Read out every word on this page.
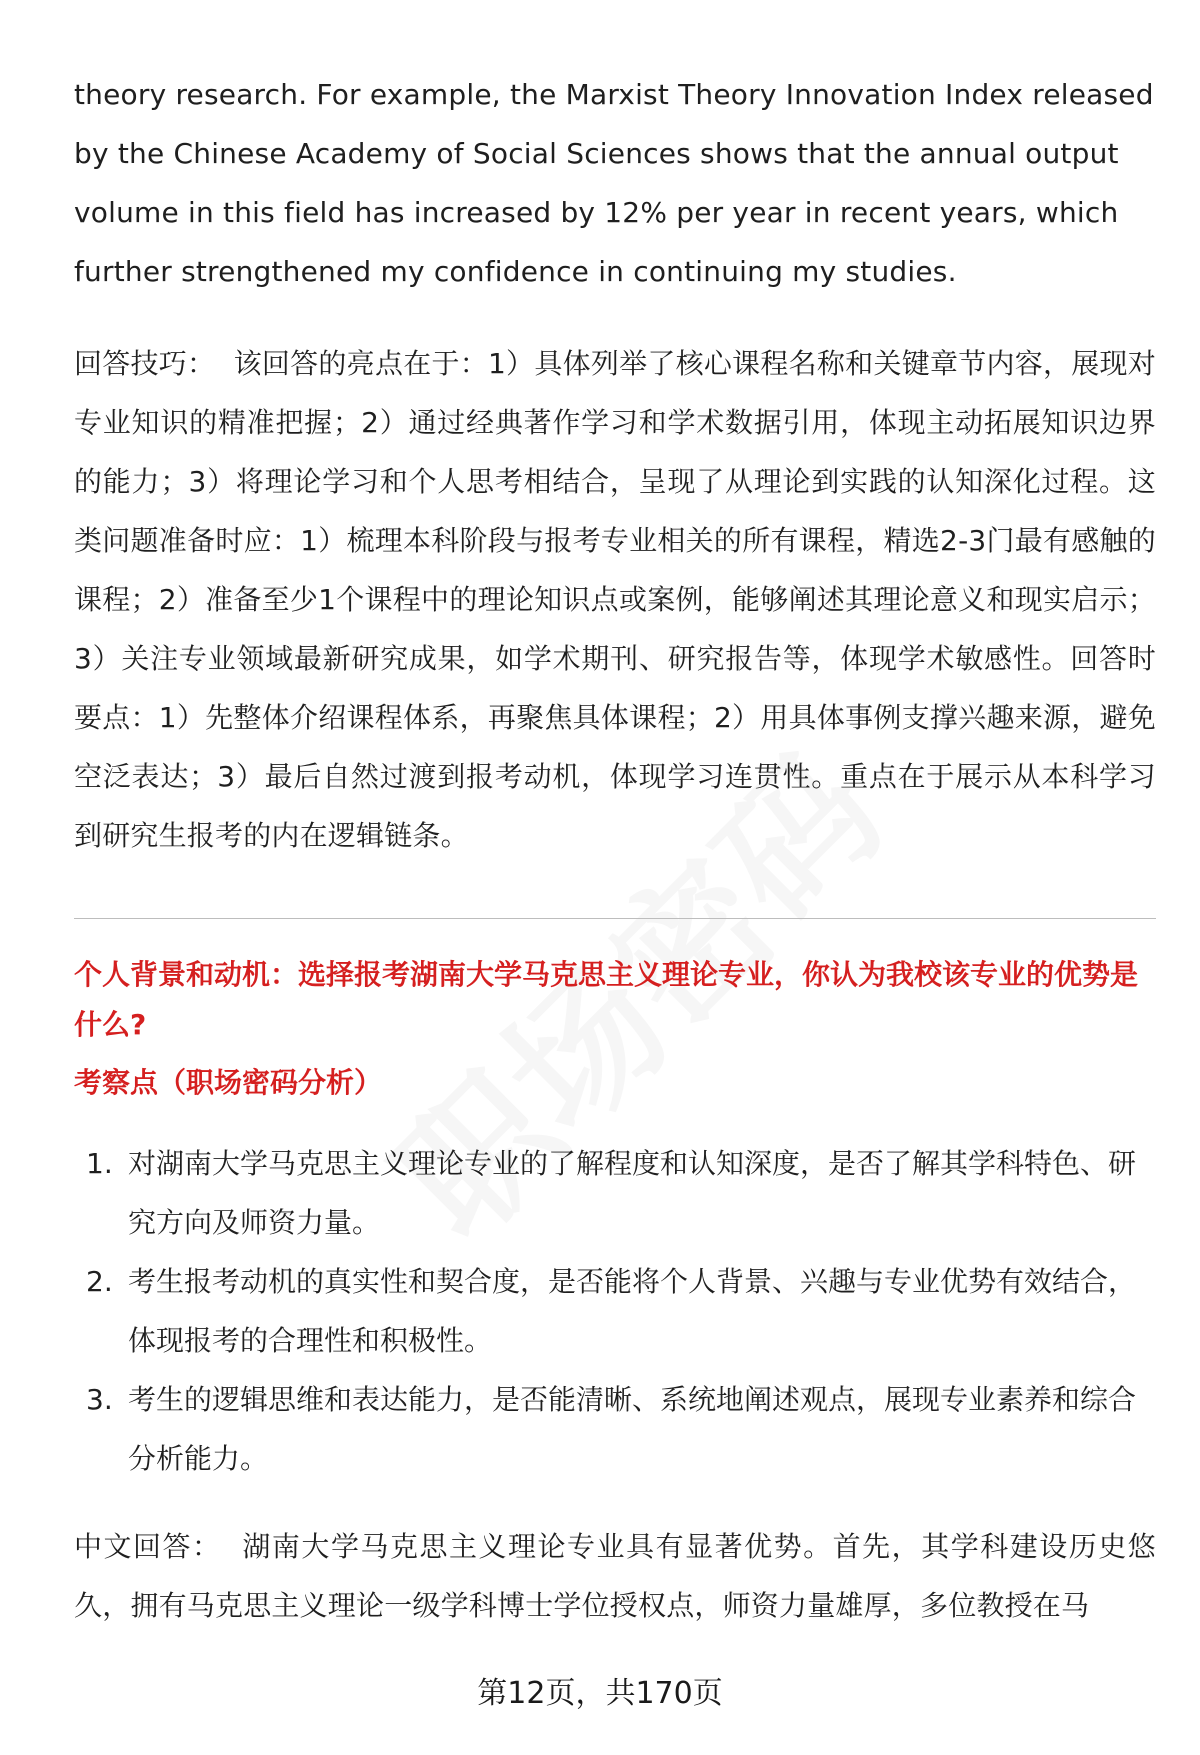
theory research. For example, the Marxist Theory Innovation Index released by the Chinese Academy of Social Sciences shows that the annual output volume in this field has increased by 12% per year in recent years, which further strengthened my confidence in continuing my studies.

回答技巧： 该回答的亮点在于：1）具体列举了核心课程名称和关键章节内容，展现对专业知识的精准把握；2）通过经典著作学习和学术数据引用，体现主动拓展知识边界的能力；3）将理论学习和个人思考相结合，呈现了从理论到实践的认知深化过程。这类问题准备时应：1）梳理本科阶段与报考专业相关的所有课程，精选2-3门最有感触的课程；2）准备至少1个课程中的理论知识点或案例，能够阐述其理论意义和现实启示；3）关注专业领域最新研究成果，如学术期刊、研究报告等，体现学术敏感性。回答时要点：1）先整体介绍课程体系，再聚焦具体课程；2）用具体事例支撑兴趣来源，避免空泛表达；3）最后自然过渡到报考动机，体现学习连贯性。重点在于展示从本科学习到研究生报考的内在逻辑链条。

个人背景和动机：选择报考湖南大学马克思主义理论专业，你认为我校该专业的优势是什么?

考察点（职场密码分析）

1. 对湖南大学马克思主义理论专业的了解程度和认知深度，是否了解其学科特色、研究方向及师资力量。
2. 考生报考动机的真实性和契合度，是否能将个人背景、兴趣与专业优势有效结合，体现报考的合理性和积极性。
3. 考生的逻辑思维和表达能力，是否能清晰、系统地阐述观点，展现专业素养和综合分析能力。

中文回答： 湖南大学马克思主义理论专业具有显著优势。首先，其学科建设历史悠久，拥有马克思主义理论一级学科博士学位授权点，师资力量雄厚，多位教授在马

第12页，共170页
